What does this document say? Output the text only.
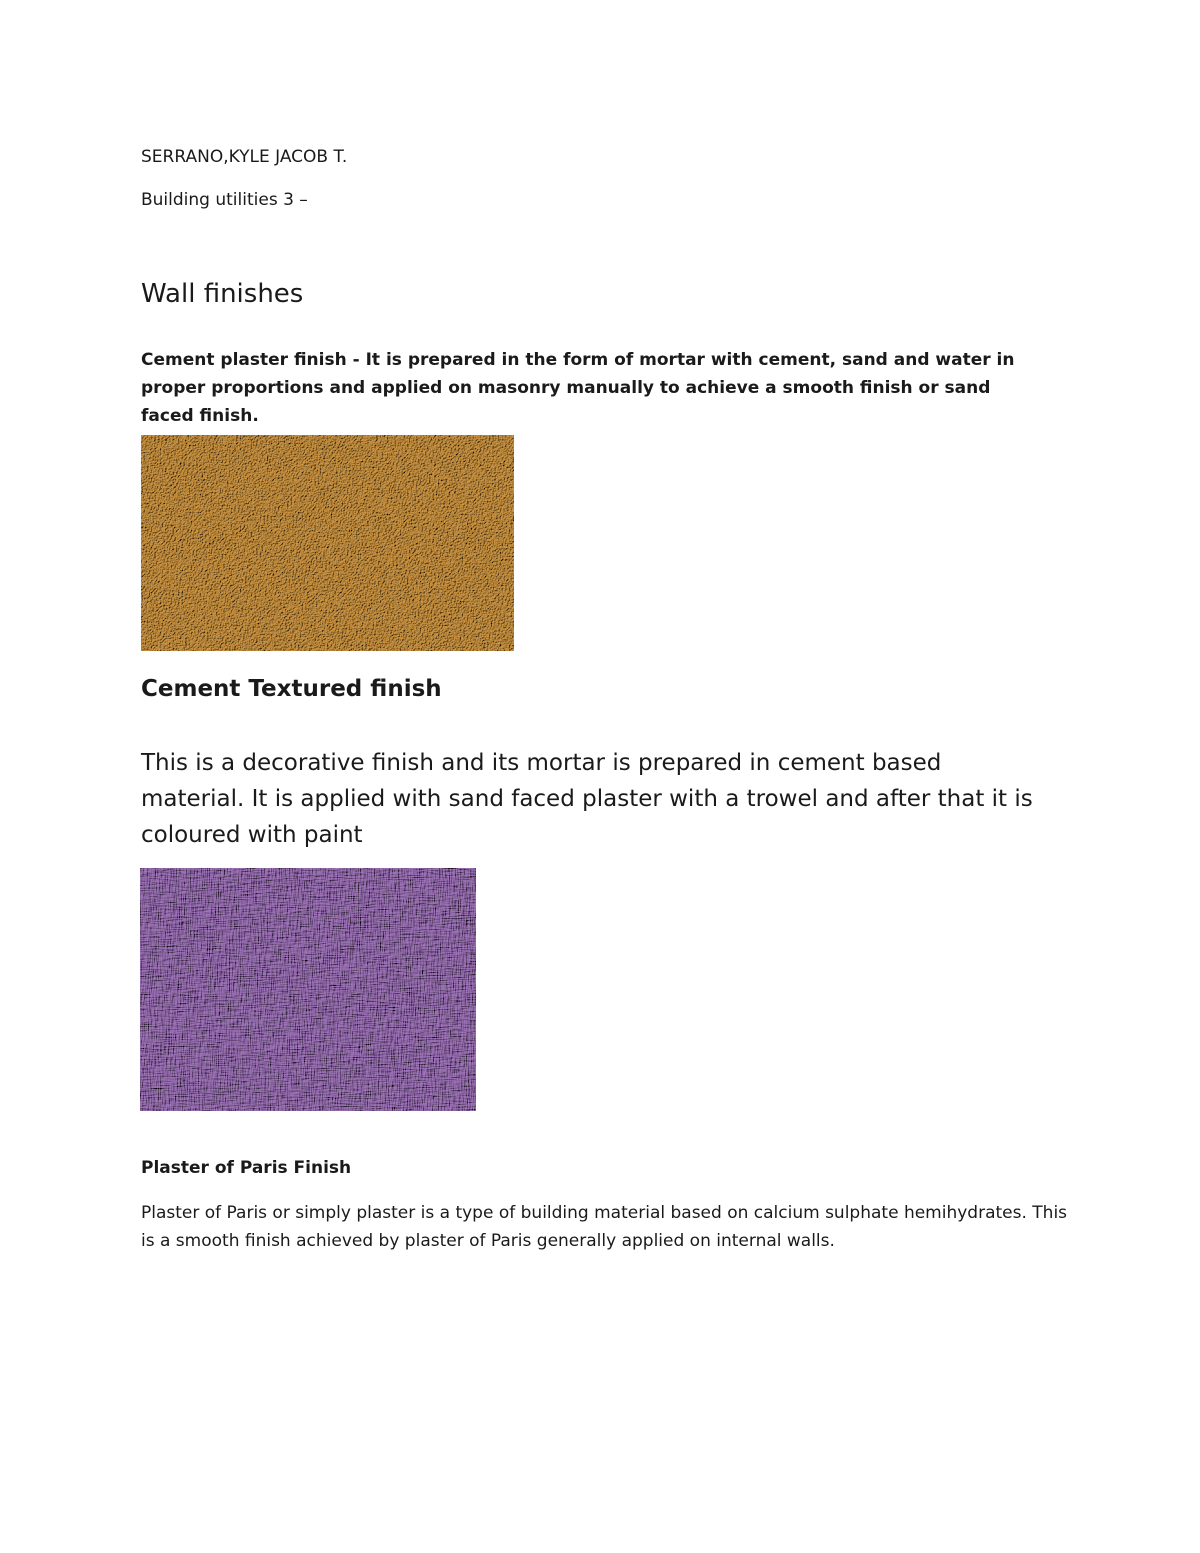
SERRANO,KYLE JACOB T.

Building utilities 3 –

Wall finishes

Cement plaster finish - It is prepared in the form of mortar with cement, sand and water in proper proportions and applied on masonry manually to achieve a smooth finish or sand faced finish.

Cement Textured finish

This is a decorative finish and its mortar is prepared in cement based material. It is applied with sand faced plaster with a trowel and after that it is coloured with paint

Plaster of Paris Finish

Plaster of Paris or simply plaster is a type of building material based on calcium sulphate hemihydrates. This is a smooth finish achieved by plaster of Paris generally applied on internal walls.
